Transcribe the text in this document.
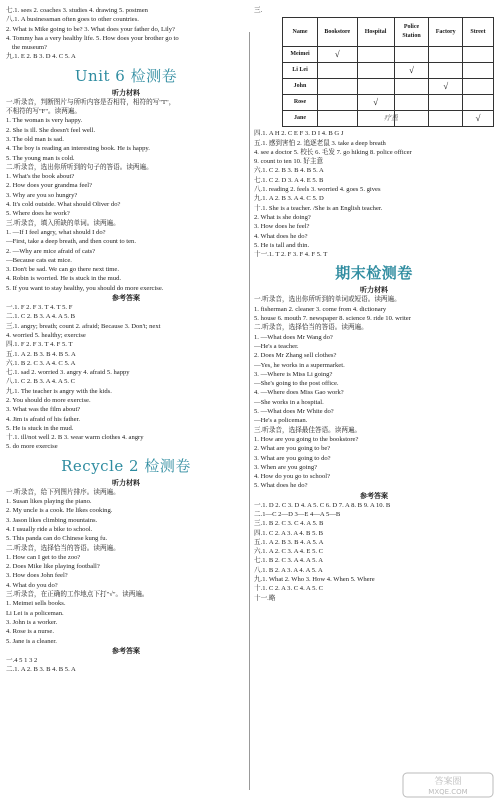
七.1. sees 2. coaches 3. studies 4. drawing 5. postmen
八.1. A businessman often goes to other countries.
2. What is Mike going to be? 3. What does your father do, Lily?
4. Tommy has a very healthy life. 5. How does your brother go to
the museum?
九.1. E 2. B 3. D 4. C 5. A
Unit 6 检测卷
听力材料
一.听录音，判断图片与所听内容是否相符，相符的写"T"，
不相符的写"F"。读两遍。
1. The woman is very happy.
2. She is ill. She doesn't feel well.
3. The old man is sad.
4. The boy is reading an interesting book. He is happy.
5. The young man is cold.
二.听录音，选出你所听到的句子的答语。读两遍。
1. What's the book about?
2. How does your grandma feel?
3. Why are you so hungry?
4. It's cold outside. What should Oliver do?
5. Where does he work?
三.听录音，填入所缺的单词。读两遍。
1. —If I feel angry, what should I do?
—First, take a deep breath, and then count to ten.
2. —Why are mice afraid of cats?
—Because cats eat mice.
3. Don't be sad. We can go there next time.
4. Robin is worried. He is stuck in the mud.
5. If you want to stay healthy, you should do more exercise.
参考答案
一.1. F 2. F 3. T 4. T 5. F
二.1. C 2. B 3. A 4. A 5. B
三.1. angry; breath; count 2. afraid; Because 3. Don't; next
4. worried 5. healthy; exercise
四.1. F 2. F 3. T 4. F 5. T
五.1. A 2. B 3. B 4. B 5. A
六.1. B 2. C 3. A 4. C 5. A
七.1. sad 2. worried 3. angry 4. afraid 5. happy
八.1. C 2. B 3. A 4. A 5. C
九.1. The teacher is angry with the kids.
2. You should do more exercise.
3. What was the film about?
4. Jim is afraid of his father.
5. He is stuck in the mud.
十.1. ill/not well 2. B 3. wear warm clothes 4. angry
5. do more exercise
Recycle 2 检测卷
听力材料
一.听录音，给下列图片排序。读两遍。
1. Susan likes playing the piano.
2. My uncle is a cook. He likes cooking.
3. Jason likes climbing mountains.
4. I usually ride a bike to school.
5. This panda can do Chinese kung fu.
二.听录音，选择恰当的答语。读两遍。
1. How can I get to the zoo?
2. Does Mike like playing football?
3. How does John feel?
4. What do you do?
三.听录音，在正确的工作地点下打"√"。读两遍。
1. Meimei sells books.
Li Lei is a policeman.
3. John is a worker.
4. Rose is a nurse.
5. Jane is a cleaner.
参考答案
一.4 5 1 3 2
二.1. A 2. B 3. B 4. B 5. A
三.
Name	Bookstore	Hospital	Police Station	Factory	Street
Meimei	√				
Li Lei			√		
John				√	
Rose		√			
Jane					√
疗重
四.1. A H 2. C E F 3. D I 4. B G J
五.1. 感到害怕 2. 追逐老鼠 3. take a deep breath
4. see a doctor 5. 校长 6. 毛发 7. go hiking 8. police officer
9. count to ten 10. 好主意
六.1. C 2. B 3. B 4. B 5. A
七.1. C 2. D 3. A 4. E 5. B
八.1. reading 2. feels 3. worried 4. goes 5. gives
九.1. A 2. B 3. A 4. C 5. D
十.1. She is a teacher. /She is an English teacher.
2. What is she doing?
3. How does he feel?
4. What does he do?
5. He is tall and thin.
十一.1. T 2. F 3. F 4. F 5. T
期末检测卷
听力材料
一.听录音，选出你所听到的单词或短语。读两遍。
1. fisherman 2. cleaner 3. come from 4. dictionary
5. house 6. mouth 7. newspaper 8. science 9. ride 10. writer
二.听录音，选择恰当的答语。读两遍。
1. —What does Mr Wang do?
—He's a teacher.
2. Does Mr Zhang sell clothes?
—Yes, he works in a supermarket.
3. —Where is Miss Li going?
—She's going to the post office.
4. —Where does Miss Gao work?
—She works in a hospital.
5. —What does Mr White do?
—He's a policeman.
三.听录音，选择最佳答语。读两遍。
1. How are you going to the bookstore?
2. What are you going to be?
3. What are you going to do?
3. When are you going?
4. How do you go to school?
5. What does he do?
参考答案
一.1. D 2. C 3. D 4. A 5. C 6. D 7. A 8. B 9. A 10. B
二.1—C 2—D 3—E 4—A 5—B
三.1. B 2. C 3. C 4. A 5. B
四.1. C 2. A 3. A 4. B 5. B
五.1. A 2. B 3. B 4. A 5. A
六.1. A 2. C 3. A 4. E 5. C
七.1. B 2. C 3. A 4. A 5. A
八.1. B 2. A 3. A 4. A 5. A
九.1. What 2. Who 3. How 4. When 5. Where
十.1. C 2. A 3. C 4. A 5. C
十一.略
答案圈
MXQE.COM
